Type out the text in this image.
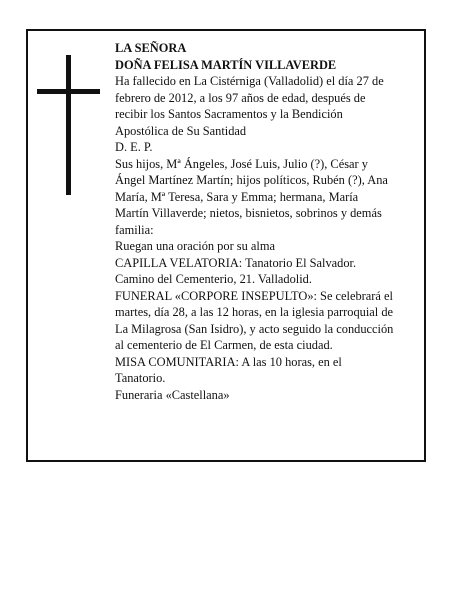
LA SEÑORA
DOÑA FELISA MARTÍN VILLAVERDE
Ha fallecido en La Cistérniga (Valladolid) el día 27 de
febrero de 2012, a los 97 años de edad, después de
recibir los Santos Sacramentos y la Bendición
Apostólica de Su Santidad
D. E. P.
Sus hijos, Mª Ángeles, José Luis, Julio (?), César y
Ángel Martínez Martín; hijos políticos, Rubén (?), Ana
María, Mª Teresa, Sara y Emma; hermana, María
Martín Villaverde; nietos, bisnietos, sobrinos y demás
familia:
Ruegan una oración por su alma
CAPILLA VELATORIA: Tanatorio El Salvador.
Camino del Cementerio, 21. Valladolid.
FUNERAL «CORPORE INSEPULTO»: Se celebrará el
martes, día 28, a las 12 horas, en la iglesia parroquial de
La Milagrosa (San Isidro), y acto seguido la conducción
al cementerio de El Carmen, de esta ciudad.
MISA COMUNITARIA: A las 10 horas, en el
Tanatorio.
Funeraria «Castellana»
